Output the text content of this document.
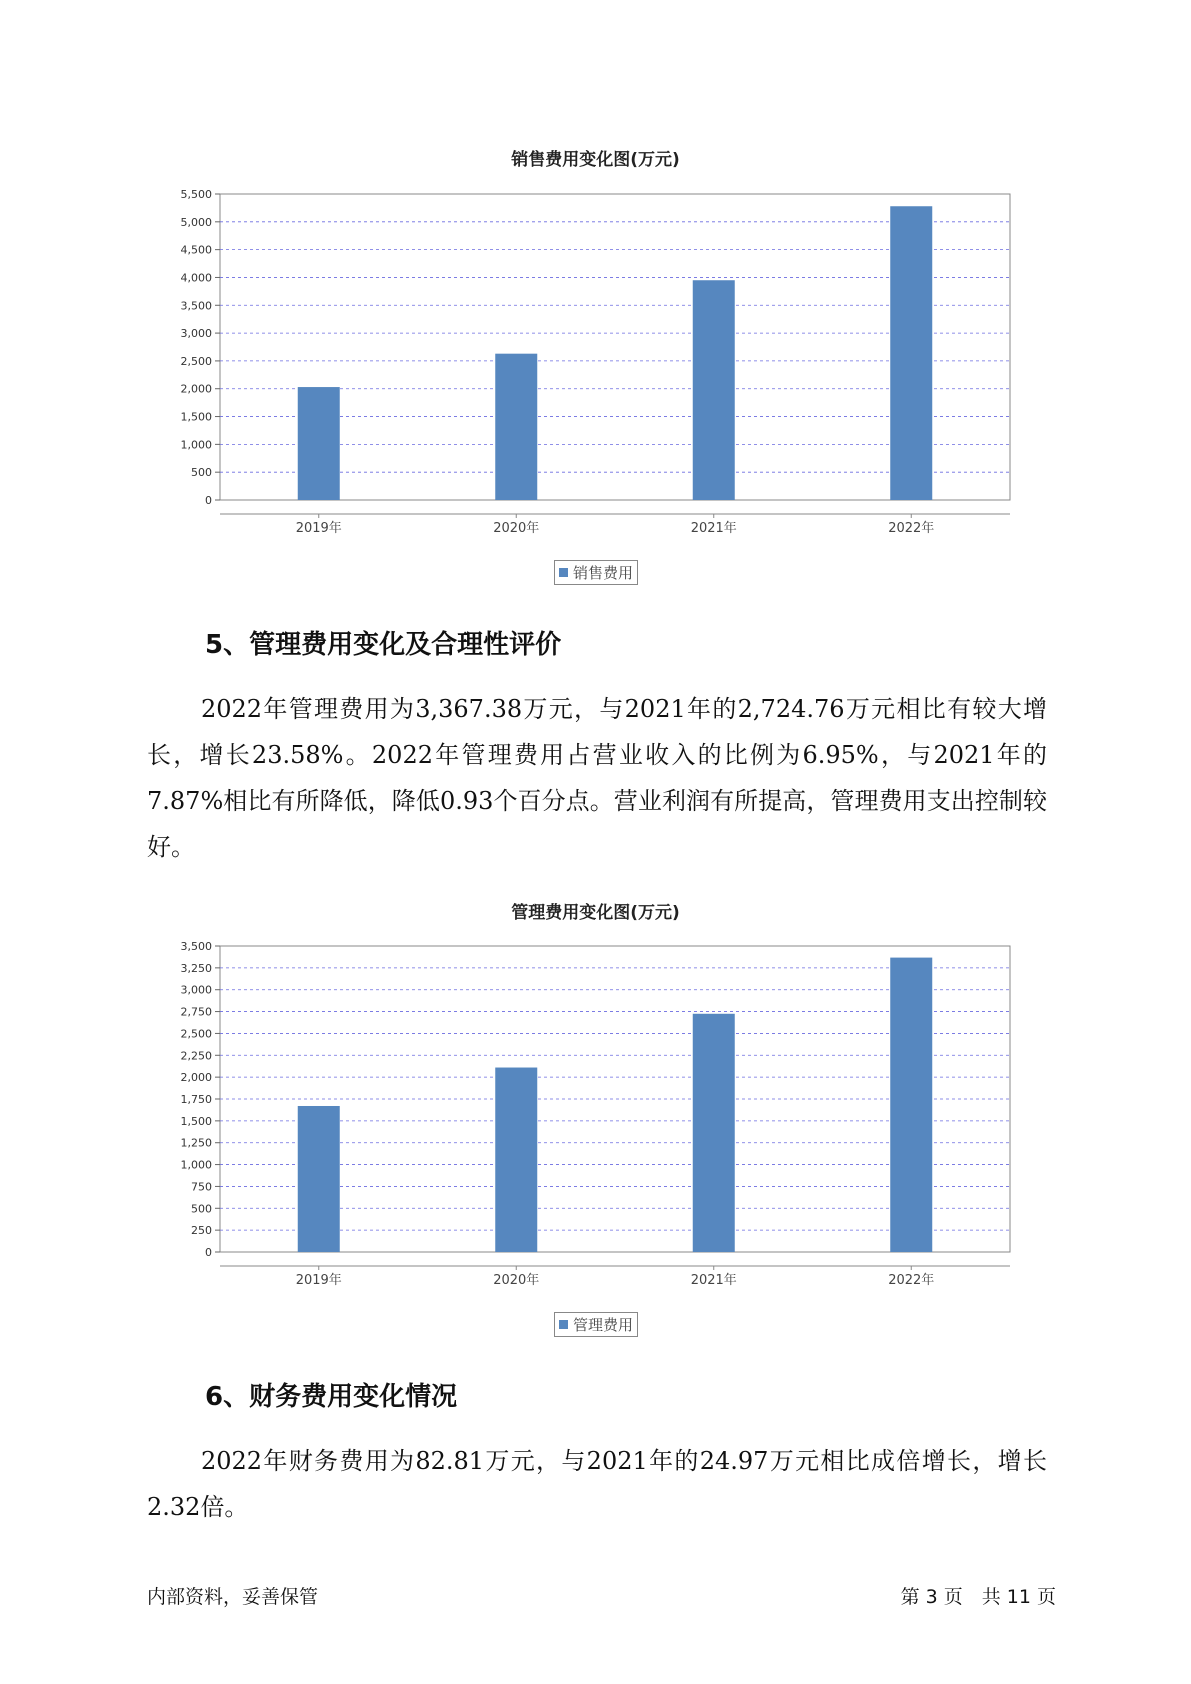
销售费用变化图(万元)
0
500
1,000
1,500
2,000
2,500
3,000
3,500
4,000
4,500
5,000
5,500
2019年	2020年	2021年	2022年
销售费用
5、管理费用变化及合理性评价

2022年管理费用为3,367.38万元，与2021年的2,724.76万元相比有较大增长，增长23.58%。2022年管理费用占营业收入的比例为6.95%，与2021年的7.87%相比有所降低，降低0.93个百分点。营业利润有所提高，管理费用支出控制较好。

管理费用变化图(万元)
0
250
500
750
1,000
1,250
1,500
1,750
2,000
2,250
2,500
2,750
3,000
3,250
3,500
2019年	2020年	2021年	2022年
管理费用
6、财务费用变化情况

2022年财务费用为82.81万元，与2021年的24.97万元相比成倍增长，增长2.32倍。

内部资料，妥善保管	第 3 页　共 11 页
